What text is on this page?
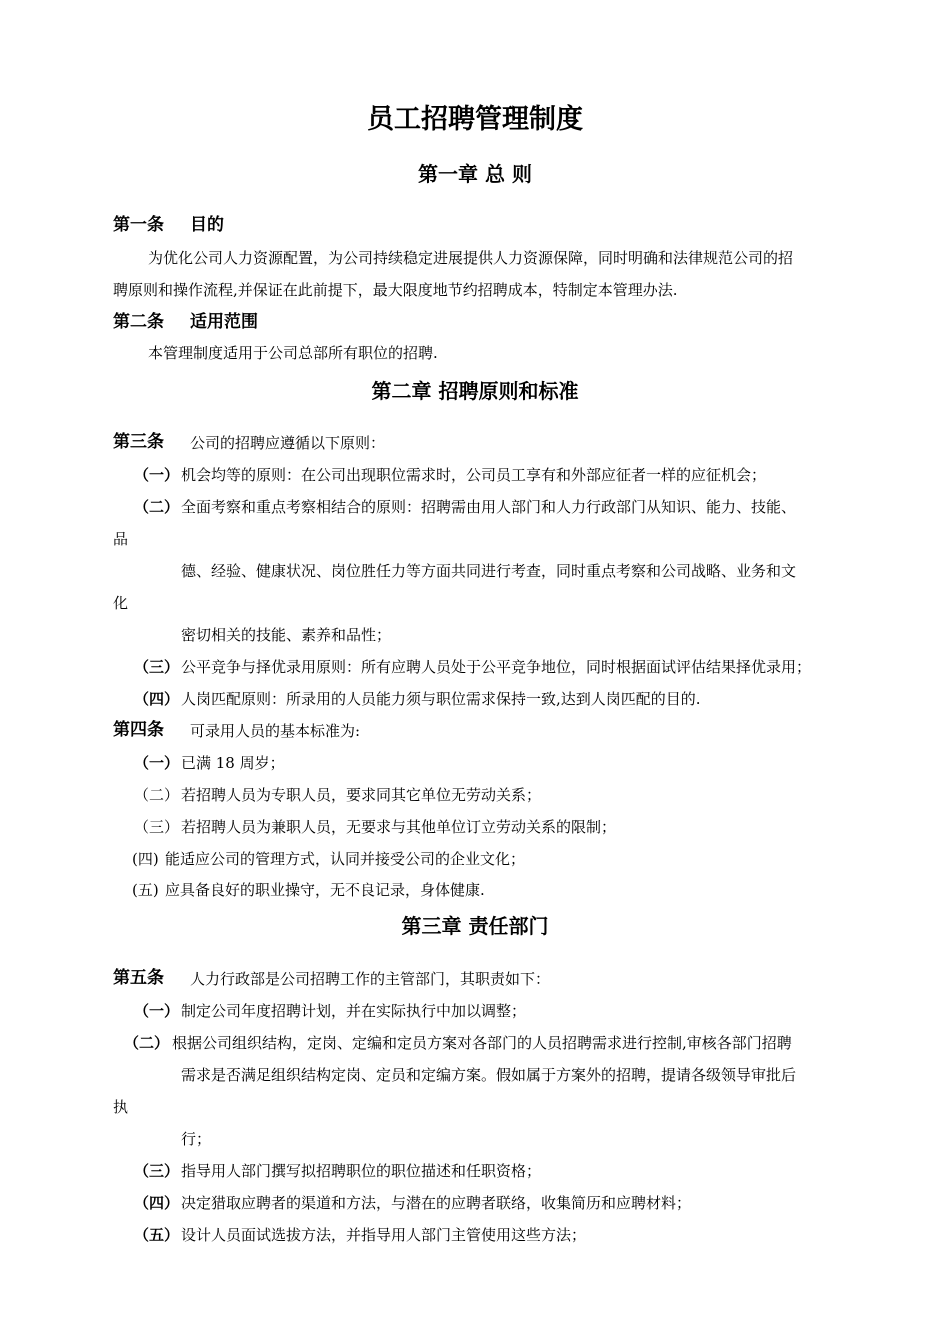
员工招聘管理制度
第一章 总 则
第一条 目的
为优化公司人力资源配置，为公司持续稳定进展提供人力资源保障，同时明确和法律规范公司的招
聘原则和操作流程,并保证在此前提下，最大限度地节约招聘成本，特制定本管理办法.
第二条 适用范围
本管理制度适用于公司总部所有职位的招聘.
第二章 招聘原则和标准
第三条 公司的招聘应遵循以下原则：
（一） 机会均等的原则：在公司出现职位需求时，公司员工享有和外部应征者一样的应征机会；
（二） 全面考察和重点考察相结合的原则：招聘需由用人部门和人力行政部门从知识、能力、技能、
品
德、经验、健康状况、岗位胜任力等方面共同进行考查，同时重点考察和公司战略、业务和文
化
密切相关的技能、素养和品性；
（三） 公平竞争与择优录用原则：所有应聘人员处于公平竞争地位，同时根据面试评估结果择优录用；
（四） 人岗匹配原则：所录用的人员能力须与职位需求保持一致,达到人岗匹配的目的.
第四条 可录用人员的基本标准为:
（一） 已满 18 周岁；
（二） 若招聘人员为专职人员，要求同其它单位无劳动关系；
（三） 若招聘人员为兼职人员，无要求与其他单位订立劳动关系的限制；
(四) 能适应公司的管理方式，认同并接受公司的企业文化；
(五) 应具备良好的职业操守，无不良记录，身体健康.
第三章 责任部门
第五条 人力行政部是公司招聘工作的主管部门，其职责如下：
（一） 制定公司年度招聘计划，并在实际执行中加以调整；
（二） 根据公司组织结构，定岗、定编和定员方案对各部门的人员招聘需求进行控制,审核各部门招聘
需求是否满足组织结构定岗、定员和定编方案。假如属于方案外的招聘，提请各级领导审批后
执
行；
（三） 指导用人部门撰写拟招聘职位的职位描述和任职资格；
（四） 决定猎取应聘者的渠道和方法，与潜在的应聘者联络，收集简历和应聘材料；
（五） 设计人员面试选拔方法，并指导用人部门主管使用这些方法；
